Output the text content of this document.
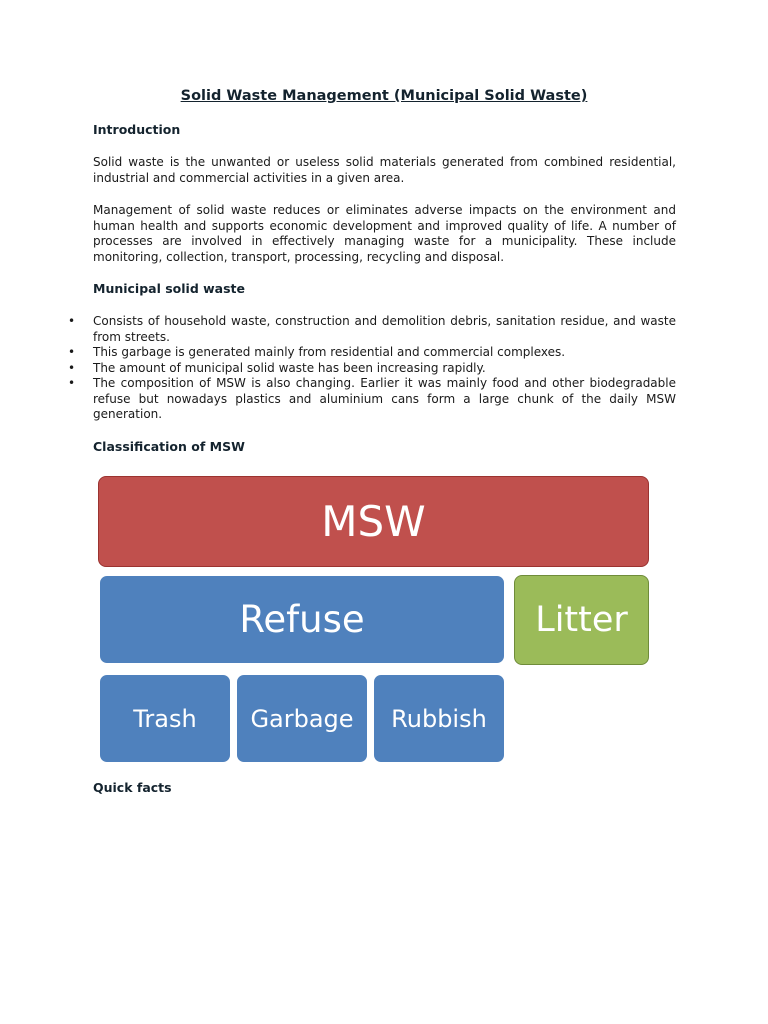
Solid Waste Management (Municipal Solid Waste)
Introduction
Solid waste is the unwanted or useless solid materials generated from combined residential, industrial and commercial activities in a given area.
Management of solid waste reduces or eliminates adverse impacts on the environment and human health and supports economic development and improved quality of life. A number of processes are involved in effectively managing waste for a municipality. These include monitoring, collection, transport, processing, recycling and disposal.
Municipal solid waste
• Consists of household waste, construction and demolition debris, sanitation residue, and waste from streets.
• This garbage is generated mainly from residential and commercial complexes.
• The amount of municipal solid waste has been increasing rapidly.
• The composition of MSW is also changing. Earlier it was mainly food and other biodegradable refuse but nowadays plastics and aluminium cans form a large chunk of the daily MSW generation.
Classification of MSW
MSW
Refuse	Litter
Trash	Garbage	Rubbish
Quick facts
